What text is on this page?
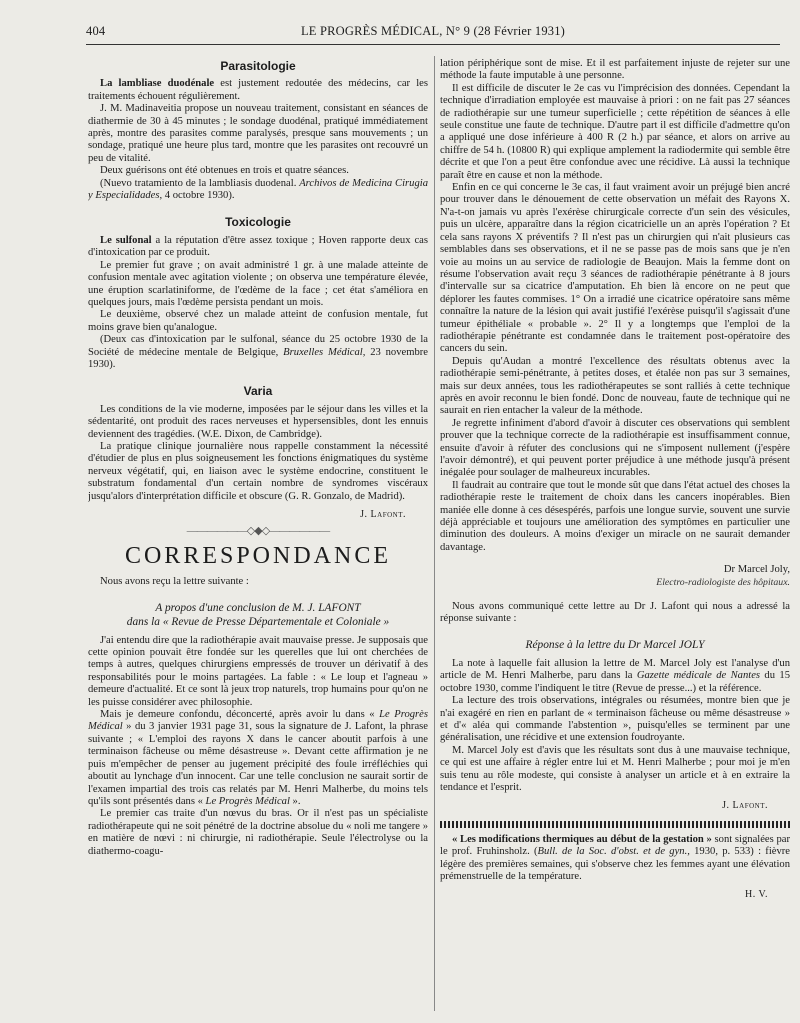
404	LE PROGRÈS MÉDICAL, N° 9 (28 Février 1931)
Parasitologie

La lambliase duodénale est justement redoutée des médecins, car les traitements échouent régulièrement.

J. M. Madinaveitia propose un nouveau traitement, consistant en séances de diathermie de 30 à 45 minutes ; le sondage duodénal, pratiqué immédiatement après, montre des parasites comme paralysés, presque sans mouvements ; un sondage, pratiqué une heure plus tard, montre que les parasites ont recouvré un peu de vitalité.

Deux guérisons ont été obtenues en trois et quatre séances.

(Nuevo tratamiento de la lambliasis duodenal. Archivos de Medicina Cirugia y Especialidades, 4 octobre 1930).

Toxicologie

Le sulfonal a la réputation d'être assez toxique ; Hoven rapporte deux cas d'intoxication par ce produit.

Le premier fut grave ; on avait administré 1 gr. à une malade atteinte de confusion mentale avec agitation violente ; on observa une température élevée, une éruption scarlatiniforme, de l'œdème de la face ; cet état s'améliora en quelques jours, mais l'œdème persista pendant un mois.

Le deuxième, observé chez un malade atteint de confusion mentale, fut moins grave bien qu'analogue.

(Deux cas d'intoxication par le sulfonal, séance du 25 octobre 1930 de la Société de médecine mentale de Belgique, Bruxelles Médical, 23 novembre 1930).

Varia

Les conditions de la vie moderne, imposées par le séjour dans les villes et la sédentarité, ont produit des races nerveuses et hypersensibles, dont les ennuis deviennent des tragédies. (W.E. Dixon, de Cambridge).

La pratique clinique journalière nous rappelle constamment la nécessité d'étudier de plus en plus soigneusement les fonctions énigmatiques du système nerveux végétatif, qui, en liaison avec le système endocrine, constituent le substratum fondamental d'un certain nombre de syndromes viscéraux jusqu'alors d'interprétation difficile et obscure (G. R. Gonzalo, de Madrid).

J. Lafont.
——————◇◆◇——————
CORRESPONDANCE

Nous avons reçu la lettre suivante :

A propos d'une conclusion de M. J. LAFONT
dans la « Revue de Presse Départementale et Coloniale »

J'ai entendu dire que la radiothérapie avait mauvaise presse. Je supposais que cette opinion pouvait être fondée sur les querelles que lui ont cherchées de temps à autres, quelques chirurgiens empressés de trouver un dérivatif à des responsabilités pour le moins partagées. La fable : « Le loup et l'agneau » demeure d'actualité. Et ce sont là jeux trop naturels, trop humains pour qu'on ne les puisse considérer avec philosophie.

Mais je demeure confondu, déconcerté, après avoir lu dans « Le Progrès Médical » du 3 janvier 1931 page 31, sous la signature de J. Lafont, la phrase suivante ; « L'emploi des rayons X dans le cancer aboutit parfois à une terminaison fâcheuse ou même désastreuse ». Devant cette affirmation je ne puis m'empêcher de penser au jugement précipité des foule irréfléchies qui aboutit au lynchage d'un innocent. Car une telle conclusion ne saurait sortir de l'examen impartial des trois cas relatés par M. Henri Malherbe, du moins tels qu'ils sont présentés dans « Le Progrès Médical ».

Le premier cas traite d'un nœvus du bras. Or il n'est pas un spécialiste radiothérapeute qui ne soit pénétré de la doctrine absolue du « noli me tangere » en matière de nœvi : ni chirurgie, ni radiothérapie. Seule l'électrolyse ou la diathermo-coagu-

lation périphérique sont de mise. Et il est parfaitement injuste de rejeter sur une méthode la faute imputable à une personne.

Il est difficile de discuter le 2e cas vu l'imprécision des données. Cependant la technique d'irradiation employée est mauvaise à priori : on ne fait pas 27 séances de radiothérapie sur une tumeur superficielle ; cette répétition de séances à elle seule constitue une faute de technique. D'autre part il est difficile d'admettre qu'on a appliqué une dose inférieure à 400 R (2 h.) par séance, et alors on arrive au chiffre de 54 h. (10800 R) qui explique amplement la radiodermite qui semble être décrite et que l'on a peut être confondue avec une récidive. Là aussi la technique paraît être en cause et non la méthode.

Enfin en ce qui concerne le 3e cas, il faut vraiment avoir un préjugé bien ancré pour trouver dans le dénouement de cette observation un méfait des Rayons X. N'a-t-on jamais vu après l'exérèse chirurgicale correcte d'un sein des vésicules, puis un ulcère, apparaître dans la région cicatricielle un an après l'opération ? Et cela sans rayons X préventifs ? Il n'est pas un chirurgien qui n'ait plusieurs cas semblables dans ses observations, et il ne se passe pas de mois sans que je n'en voie au moins un au service de radiologie de Beaujon. Mais la femme dont on résume l'observation avait reçu 3 séances de radiothérapie pénétrante à 8 jours d'intervalle sur sa cicatrice d'amputation. Eh bien là encore on ne peut que déplorer les fautes commises. 1° On a irradié une cicatrice opératoire sans même connaître la nature de la lésion qui avait justifié l'exérèse puisqu'il s'agissait d'une tumeur épithéliale « probable ». 2° Il y a longtemps que l'emploi de la radiothérapie pénétrante est condamnée dans le traitement post-opératoire des cancers du sein.

Depuis qu'Audan a montré l'excellence des résultats obtenus avec la radiothérapie semi-pénétrante, à petites doses, et étalée non pas sur 3 semaines, mais sur deux années, tous les radiothérapeutes se sont ralliés à cette technique après en avoir reconnu le bien fondé. Donc de nouveau, faute de technique qui ne saurait en rien entacher la valeur de la méthode.

Je regrette infiniment d'abord d'avoir à discuter ces observations qui semblent prouver que la technique correcte de la radiothérapie est insuffisamment connue, ensuite d'avoir à réfuter des conclusions qui ne s'imposent nullement (j'espère l'avoir démontré), et qui peuvent porter préjudice à une méthode jusqu'à présent inégalée pour soulager de malheureux incurables.

Il faudrait au contraire que tout le monde sût que dans l'état actuel des choses la radiothérapie reste le traitement de choix dans les cancers inopérables. Bien maniée elle donne à ces désespérés, parfois une longue survie, souvent une survie déjà appréciable et toujours une amélioration des symptômes en particulier une diminution des douleurs. A moins d'exiger un miracle on ne saurait demander davantage.

Dr Marcel Joly,
Electro-radiologiste des hôpitaux.

Nous avons communiqué cette lettre au Dr J. Lafont qui nous a adressé la réponse suivante :

Réponse à la lettre du Dr Marcel JOLY

La note à laquelle fait allusion la lettre de M. Marcel Joly est l'analyse d'un article de M. Henri Malherbe, paru dans la Gazette médicale de Nantes du 15 octobre 1930, comme l'indiquent le titre (Revue de presse...) et la référence.

La lecture des trois observations, intégrales ou résumées, montre bien que je n'ai exagéré en rien en parlant de « terminaison fâcheuse ou même désastreuse » et d'« aléa qui commande l'abstention », puisqu'elles se terminent par une généralisation, une récidive et une extension foudroyante.

M. Marcel Joly est d'avis que les résultats sont dus à une mauvaise technique, ce qui est une affaire à régler entre lui et M. Henri Malherbe ; pour moi je m'en suis tenu au rôle modeste, qui consiste à analyser un article et à en extraire la tendance et l'esprit.

J. Lafont.

« Les modifications thermiques au début de la gestation » sont signalées par le prof. Fruhinsholz. (Bull. de la Soc. d'obst. et de gyn., 1930, p. 533) : fièvre légère des premières semaines, qui s'observe chez les femmes ayant une élévation prémenstruelle de la température.

H. V.
